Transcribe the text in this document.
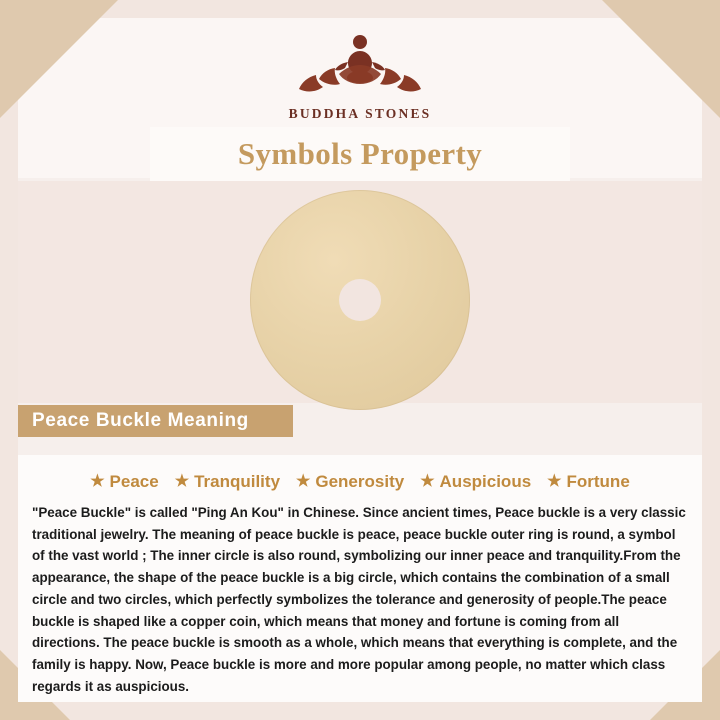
BUDDHA STONES
Symbols Property
Peace Buckle Meaning
★ Peace ★ Tranquility ★ Generosity ★ Auspicious ★ Fortune
"Peace Buckle" is called "Ping An Kou" in Chinese. Since ancient times, Peace buckle is a very classic traditional jewelry. The meaning of peace buckle is peace, peace buckle outer ring is round, a symbol of the vast world ; The inner circle is also round, symbolizing our inner peace and tranquility.From the appearance, the shape of the peace buckle is a big circle, which contains the combination of a small circle and two circles, which perfectly symbolizes the tolerance and generosity of people.The peace buckle is shaped like a copper coin, which means that money and fortune is coming from all directions. The peace buckle is smooth as a whole, which means that everything is complete, and the family is happy. Now, Peace buckle is more and more popular among people, no matter which class regards it as auspicious.
